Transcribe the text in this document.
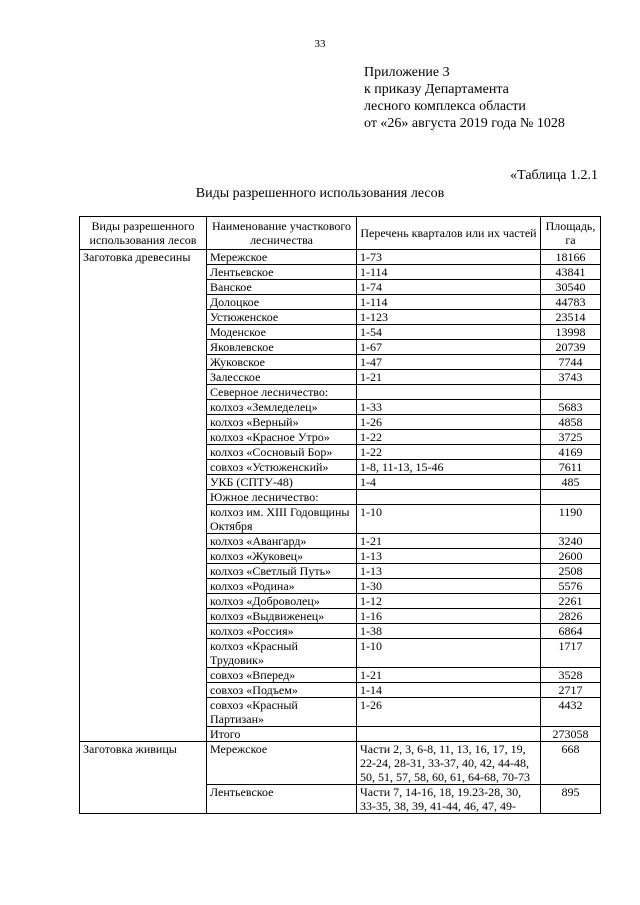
33
Приложение 3
к приказу Департамента
лесного комплекса области
от «26» августа 2019 года № 1028
«Таблица 1.2.1
Виды разрешенного использования лесов
Виды разрешенного использования лесов	Наименование участкового лесничества	Перечень кварталов или их частей	Площадь, га
Заготовка древесины	Мережское	1-73	18166
	Лентьевское	1-114	43841
	Ванское	1-74	30540
	Долоцкое	1-114	44783
	Устюженское	1-123	23514
	Моденское	1-54	13998
	Яковлевское	1-67	20739
	Жуковское	1-47	7744
	Залесское	1-21	3743
	Северное лесничество:		
	колхоз «Земледелец»	1-33	5683
	колхоз «Верный»	1-26	4858
	колхоз «Красное Утро»	1-22	3725
	колхоз «Сосновый Бор»	1-22	4169
	совхоз «Устюженский»	1-8, 11-13, 15-46	7611
	УКБ (СПТУ-48)	1-4	485
	Южное лесничество:		
	колхоз им. XIII Годовщины Октября	1-10	1190
	колхоз «Авангард»	1-21	3240
	колхоз «Жуковец»	1-13	2600
	колхоз «Светлый Путь»	1-13	2508
	колхоз «Родина»	1-30	5576
	колхоз «Доброволец»	1-12	2261
	колхоз «Выдвиженец»	1-16	2826
	колхоз «Россия»	1-38	6864
	колхоз «Красный Трудовик»	1-10	1717
	совхоз «Вперед»	1-21	3528
	совхоз «Подъем»	1-14	2717
	совхоз «Красный Партизан»	1-26	4432
	Итого		273058
Заготовка живицы	Мережское	Части 2, 3, 6-8, 11, 13, 16, 17, 19, 22-24, 28-31, 33-37, 40, 42, 44-48, 50, 51, 57, 58, 60, 61, 64-68, 70-73	668
	Лентьевское	Части 7, 14-16, 18, 19.23-28, 30, 33-35, 38, 39, 41-44, 46, 47, 49-	895
